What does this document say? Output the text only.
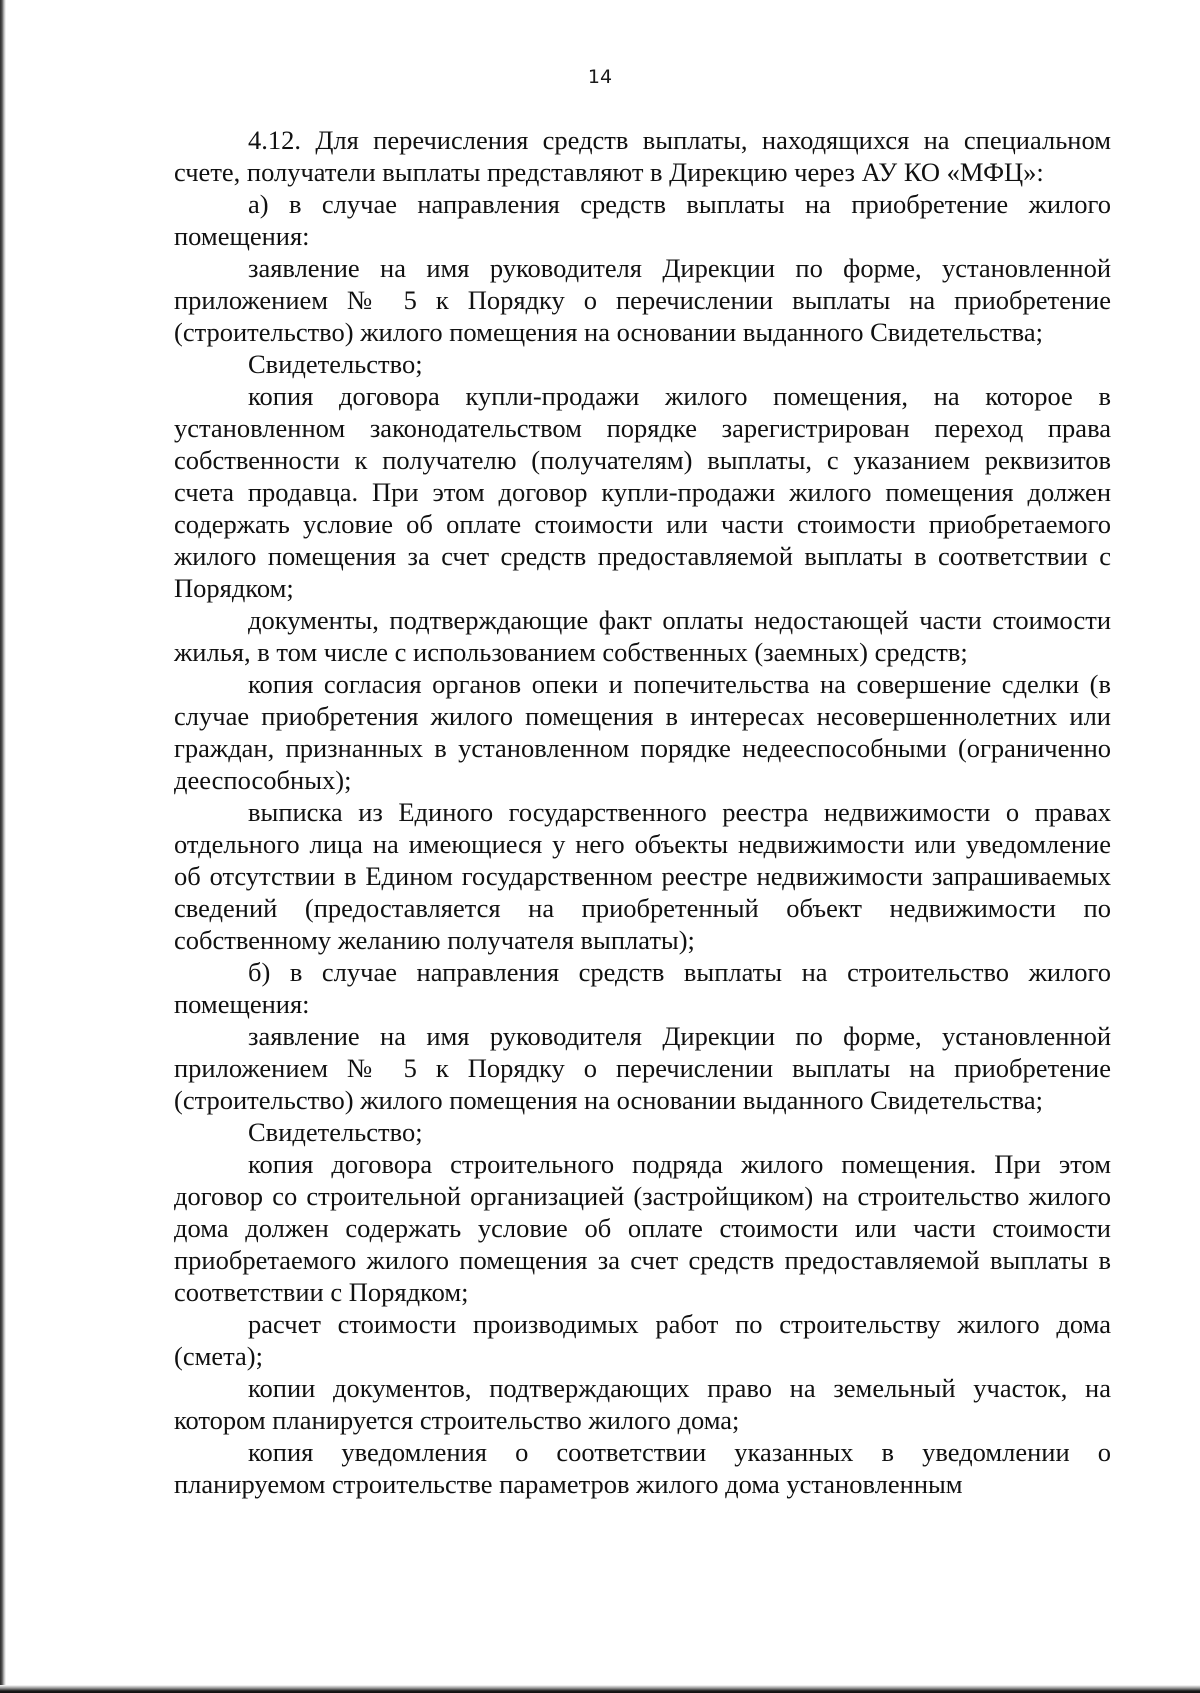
14

4.12. Для перечисления средств выплаты, находящихся на специальном счете, получатели выплаты представляют в Дирекцию через АУ КО «МФЦ»:

а) в случае направления средств выплаты на приобретение жилого помещения:

заявление на имя руководителя Дирекции по форме, установленной приложением № 5 к Порядку о перечислении выплаты на приобретение (строительство) жилого помещения на основании выданного Свидетельства;

Свидетельство;

копия договора купли-продажи жилого помещения, на которое в установленном законодательством порядке зарегистрирован переход права собственности к получателю (получателям) выплаты, с указанием реквизитов счета продавца. При этом договор купли-продажи жилого помещения должен содержать условие об оплате стоимости или части стоимости приобретаемого жилого помещения за счет средств предоставляемой выплаты в соответствии с Порядком;

документы, подтверждающие факт оплаты недостающей части стоимости жилья, в том числе с использованием собственных (заемных) средств;

копия согласия органов опеки и попечительства на совершение сделки (в случае приобретения жилого помещения в интересах несовершеннолетних или граждан, признанных в установленном порядке недееспособными (ограниченно дееспособных);

выписка из Единого государственного реестра недвижимости о правах отдельного лица на имеющиеся у него объекты недвижимости или уведомление об отсутствии в Едином государственном реестре недвижимости запрашиваемых сведений (предоставляется на приобретенный объект недвижимости по собственному желанию получателя выплаты);

б) в случае направления средств выплаты на строительство жилого помещения:

заявление на имя руководителя Дирекции по форме, установленной приложением № 5 к Порядку о перечислении выплаты на приобретение (строительство) жилого помещения на основании выданного Свидетельства;

Свидетельство;

копия договора строительного подряда жилого помещения. При этом договор со строительной организацией (застройщиком) на строительство жилого дома должен содержать условие об оплате стоимости или части стоимости приобретаемого жилого помещения за счет средств предоставляемой выплаты в соответствии с Порядком;

расчет стоимости производимых работ по строительству жилого дома (смета);

копии документов, подтверждающих право на земельный участок, на котором планируется строительство жилого дома;

копия уведомления о соответствии указанных в уведомлении о планируемом строительстве параметров жилого дома установленным
